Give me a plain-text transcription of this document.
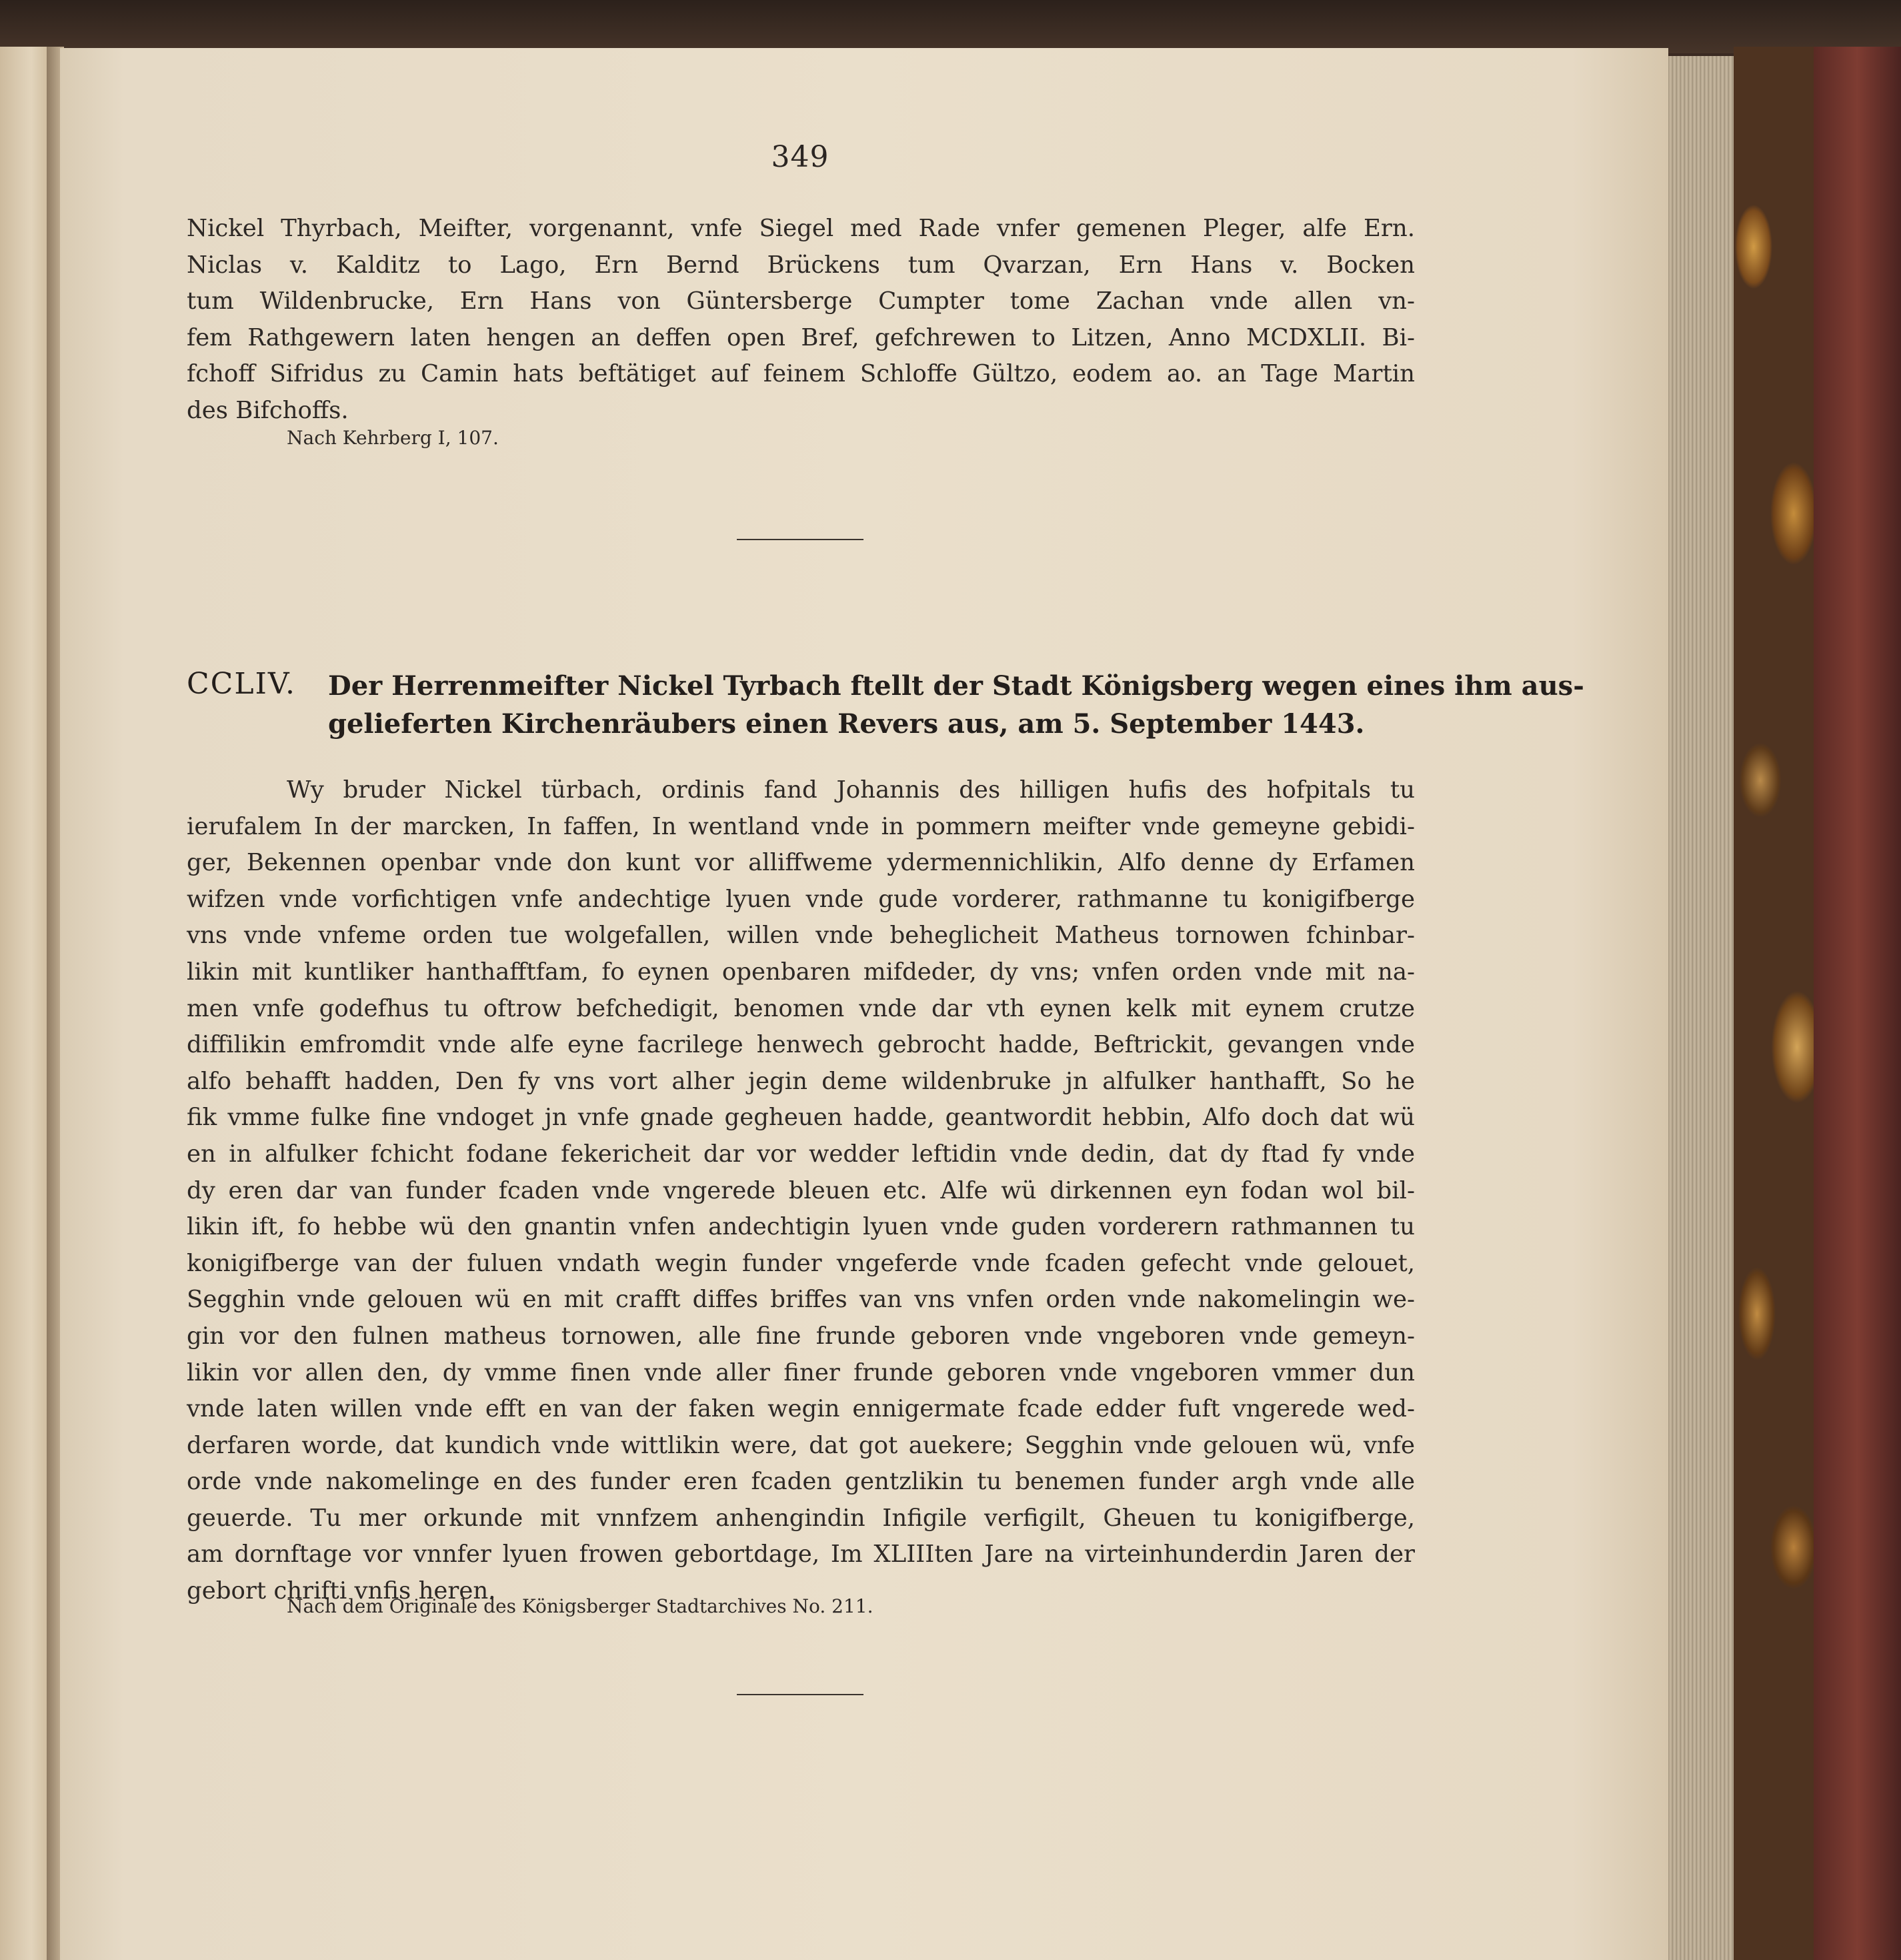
349
Nickel Thyrbach, Meifter, vorgenannt, vnfe Siegel med Rade vnfer gemenen Pleger, alfe Ern.
Niclas v. Kalditz to Lago, Ern Bernd Brückens tum Qvarzan, Ern Hans v. Bocken
tum Wildenbrucke, Ern Hans von Güntersberge Cumpter tome Zachan vnde allen vn-
fem Rathgewern laten hengen an deffen open Bref, gefchrewen to Litzen, Anno MCDXLII. Bi-
fchoff Sifridus zu Camin hats beftätiget auf feinem Schloffe Gültzo, eodem ao. an Tage Martin
des Bifchoffs.
Nach Kehrberg I, 107.
CCLIV. Der Herrenmeifter Nickel Tyrbach ftellt der Stadt Königsberg wegen eines ihm aus-
gelieferten Kirchenräubers einen Revers aus, am 5. September 1443.
Wy bruder Nickel türbach, ordinis fand Johannis des hilligen hufis des hofpitals tu
ierufalem In der marcken, In faffen, In wentland vnde in pommern meifter vnde gemeyne gebidi-
ger, Bekennen openbar vnde don kunt vor alliffweme ydermennichlikin, Alfo denne dy Erfamen
wifzen vnde vorfichtigen vnfe andechtige lyuen vnde gude vorderer, rathmanne tu konigifberge
vns vnde vnfeme orden tue wolgefallen, willen vnde beheglicheit Matheus tornowen fchinbar-
likin mit kuntliker hanthafftfam, fo eynen openbaren mifdeder, dy vns; vnfen orden vnde mit na-
men vnfe godefhus tu oftrow befchedigit, benomen vnde dar vth eynen kelk mit eynem crutze
diffilikin emfromdit vnde alfe eyne facrilege henwech gebrocht hadde, Beftrickit, gevangen vnde
alfo behafft hadden, Den fy vns vort alher jegin deme wildenbruke jn alfulker hanthafft, So he
fik vmme fulke fine vndoget jn vnfe gnade gegheuen hadde, geantwordit hebbin, Alfo doch dat wü
en in alfulker fchicht fodane fekericheit dar vor wedder leftidin vnde dedin, dat dy ftad fy vnde
dy eren dar van funder fcaden vnde vngerede bleuen etc. Alfe wü dirkennen eyn fodan wol bil-
likin ift, fo hebbe wü den gnantin vnfen andechtigin lyuen vnde guden vorderern rathmannen tu
konigifberge van der fuluen vndath wegin funder vngeferde vnde fcaden gefecht vnde gelouet,
Segghin vnde gelouen wü en mit crafft diffes briffes van vns vnfen orden vnde nakomelingin we-
gin vor den fulnen matheus tornowen, alle fine frunde geboren vnde vngeboren vnde gemeyn-
likin vor allen den, dy vmme finen vnde aller finer frunde geboren vnde vngeboren vmmer dun
vnde laten willen vnde efft en van der faken wegin ennigermate fcade edder fuft vngerede wed-
derfaren worde, dat kundich vnde wittlikin were, dat got auekere; Segghin vnde gelouen wü, vnfe
orde vnde nakomelinge en des funder eren fcaden gentzlikin tu benemen funder argh vnde alle
geuerde. Tu mer orkunde mit vnnfzem anhengindin Infigile verfigilt, Gheuen tu konigifberge,
am dornftage vor vnnfer lyuen frowen gebortdage, Im XLIIIten Jare na virteinhunderdin Jaren der
gebort chrifti vnfis heren.
Nach dem Originale des Königsberger Stadtarchives No. 211.
